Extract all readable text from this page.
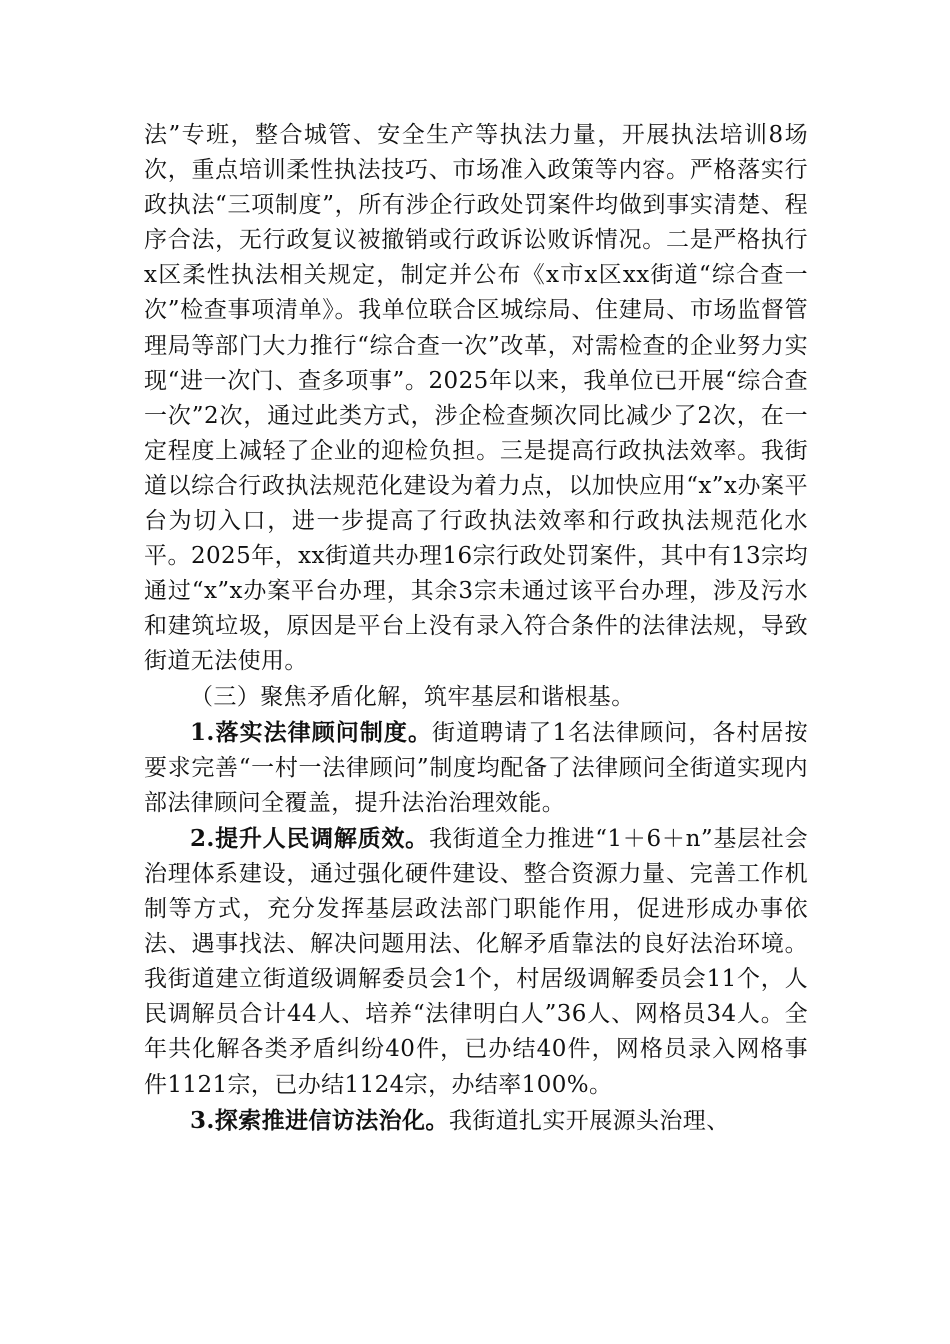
法”专班，整合城管、安全生产等执法力量，开展执法培训8场次，重点培训柔性执法技巧、市场准入政策等内容。严格落实行政执法“三项制度”，所有涉企行政处罚案件均做到事实清楚、程序合法，无行政复议被撤销或行政诉讼败诉情况。二是严格执行x区柔性执法相关规定，制定并公布《x市x区xx街道“综合查一次”检查事项清单》。我单位联合区城综局、住建局、市场监督管理局等部门大力推行“综合查一次”改革，对需检查的企业努力实现“进一次门、查多项事”。2025年以来，我单位已开展“综合查一次”2次，通过此类方式，涉企检查频次同比减少了2次，在一定程度上减轻了企业的迎检负担。三是提高行政执法效率。我街道以综合行政执法规范化建设为着力点，以加快应用“x”x办案平台为切入口，进一步提高了行政执法效率和行政执法规范化水平。2025年，xx街道共办理16宗行政处罚案件，其中有13宗均通过“x”x办案平台办理，其余3宗未通过该平台办理，涉及污水和建筑垃圾，原因是平台上没有录入符合条件的法律法规，导致街道无法使用。

（三）聚焦矛盾化解，筑牢基层和谐根基。

1.落实法律顾问制度。街道聘请了1名法律顾问，各村居按要求完善“一村一法律顾问”制度均配备了法律顾问全街道实现内部法律顾问全覆盖，提升法治治理效能。

2.提升人民调解质效。我街道全力推进“1＋6＋n”基层社会治理体系建设，通过强化硬件建设、整合资源力量、完善工作机制等方式，充分发挥基层政法部门职能作用，促进形成办事依法、遇事找法、解决问题用法、化解矛盾靠法的良好法治环境。我街道建立街道级调解委员会1个，村居级调解委员会11个，人民调解员合计44人、培养“法律明白人”36人、网格员34人。全年共化解各类矛盾纠纷40件，已办结40件，网格员录入网格事件1121宗，已办结1124宗，办结率100%。

3.探索推进信访法治化。我街道扎实开展源头治理、
